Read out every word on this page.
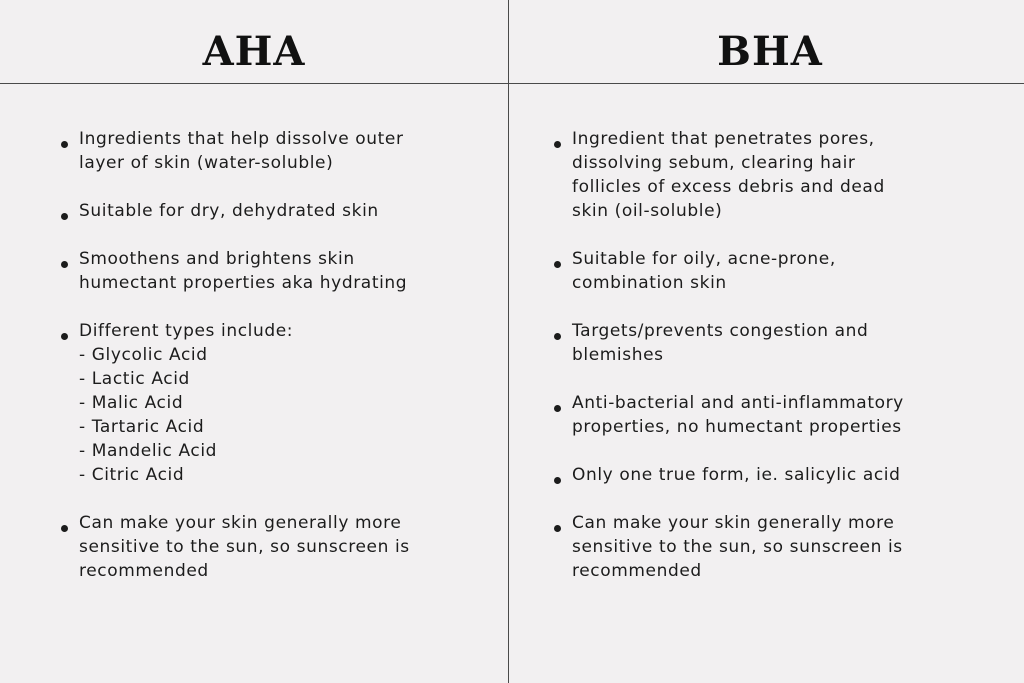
AHA	BHA
Ingredients that help dissolve outer
layer of skin (water-soluble)
Suitable for dry, dehydrated skin
Smoothens and brightens skin
humectant properties aka hydrating
Different types include:
- Glycolic Acid
- Lactic Acid
- Malic Acid
- Tartaric Acid
- Mandelic Acid
- Citric Acid
Can make your skin generally more
sensitive to the sun, so sunscreen is
recommended
Ingredient that penetrates pores,
dissolving sebum, clearing hair
follicles of excess debris and dead
skin (oil-soluble)
Suitable for oily, acne-prone,
combination skin
Targets/prevents congestion and
blemishes
Anti-bacterial and anti-inflammatory
properties, no humectant properties
Only one true form, ie. salicylic acid
Can make your skin generally more
sensitive to the sun, so sunscreen is
recommended
